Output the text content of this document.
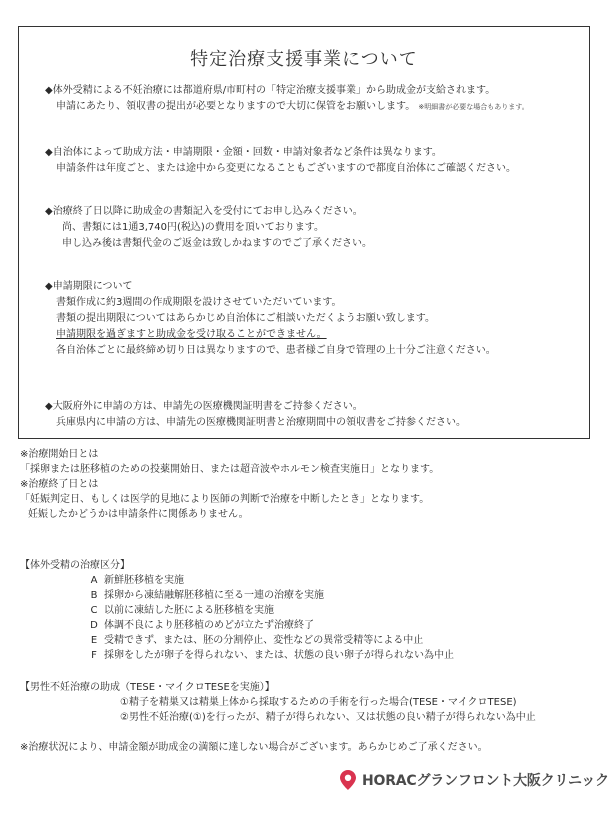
特定治療支援事業について

◆体外受精による不妊治療には都道府県/市町村の「特定治療支援事業」から助成金が支給されます。

申請にあたり、領収書の提出が必要となりますので大切に保管をお願いします。 ※明細書が必要な場合もあります。

◆自治体によって助成方法・申請期限・金額・回数・申請対象者など条件は異なります。

申請条件は年度ごと、または途中から変更になることもございますので都度自治体にご確認ください。

◆治療終了日以降に助成金の書類記入を受付にてお申し込みください。

尚、書類には1通3,740円(税込)の費用を頂いております。

申し込み後は書類代金のご返金は致しかねますのでご了承ください。

◆申請期限について

書類作成に約3週間の作成期限を設けさせていただいています。

書類の提出期限についてはあらかじめ自治体にご相談いただくようお願い致します。

申請期限を過ぎますと助成金を受け取ることができません。

各自治体ごとに最終締め切り日は異なりますので、患者様ご自身で管理の上十分ご注意ください。

◆大阪府外に申請の方は、申請先の医療機関証明書をご持参ください。

兵庫県内に申請の方は、申請先の医療機関証明書と治療期間中の領収書をご持参ください。

※治療開始日とは

「採卵または胚移植のための投薬開始日、または超音波やホルモン検査実施日」となります。

※治療終了日とは

「妊娠判定日、もしくは医学的見地により医師の判断で治療を中断したとき」となります。

妊娠したかどうかは申請条件に関係ありません。

【体外受精の治療区分】

A 新鮮胚移植を実施
B 採卵から凍結融解胚移植に至る一連の治療を実施
C 以前に凍結した胚による胚移植を実施
D 体調不良により胚移植のめどが立たず治療終了
E 受精できず、または、胚の分割停止、変性などの異常受精等による中止
F 採卵をしたが卵子を得られない、または、状態の良い卵子が得られない為中止

【男性不妊治療の助成（TESE・マイクロTESEを実施）】

①精子を精巣又は精巣上体から採取するための手術を行った場合(TESE・マイクロTESE)

②男性不妊治療(①)を行ったが、精子が得られない、又は状態の良い精子が得られない為中止

※治療状況により、申請金額が助成金の満額に達しない場合がございます。あらかじめご了承ください。
HORACグランフロント大阪クリニック
